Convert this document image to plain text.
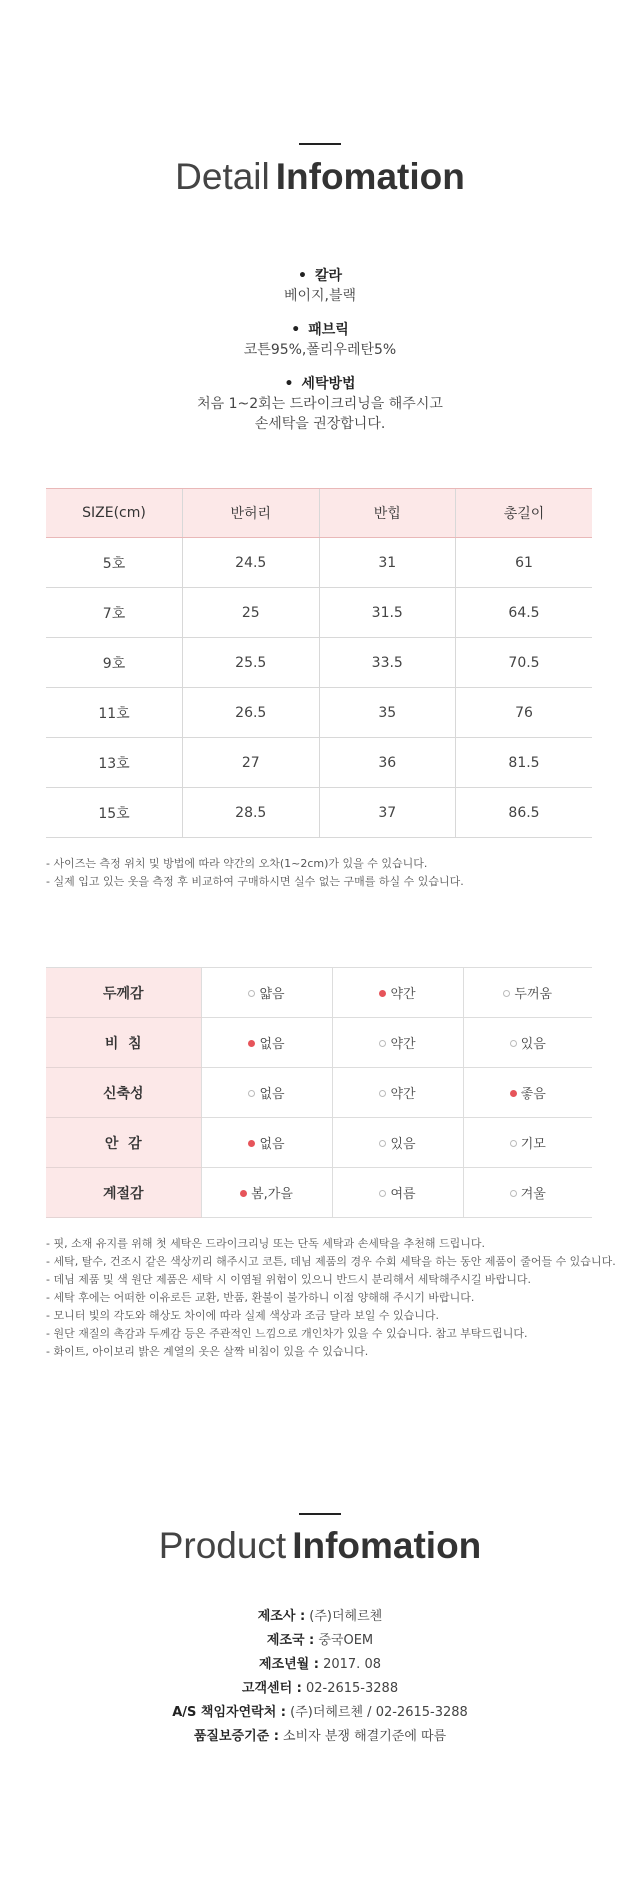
Detail Infomation
• 칼라
베이지,블랙
• 패브릭
코튼95%,폴리우레탄5%
• 세탁방법
처음 1~2회는 드라이크리닝을 해주시고
손세탁을 권장합니다.
SIZE(cm)	반허리	반힙	총길이
5호	24.5	31	61
7호	25	31.5	64.5
9호	25.5	33.5	70.5
11호	26.5	35	76
13호	27	36	81.5
15호	28.5	37	86.5
- 사이즈는 측정 위치 및 방법에 따라 약간의 오차(1~2cm)가 있을 수 있습니다.
- 실제 입고 있는 옷을 측정 후 비교하여 구매하시면 실수 없는 구매를 하실 수 있습니다.
두께감	얇음	약간	두꺼움
비  침	없음	약간	있음
신축성	없음	약간	좋음
안  감	없음	있음	기모
계절감	봄,가을	여름	겨울
- 핏, 소재 유지를 위해 첫 세탁은 드라이크리닝 또는 단독 세탁과 손세탁을 추천해 드립니다.
- 세탁, 탈수, 건조시 같은 색상끼리 해주시고 코튼, 데님 제품의 경우 수회 세탁을 하는 동안 제품이 줄어들 수 있습니다.
- 데님 제품 및 색 원단 제품은 세탁 시 이염될 위험이 있으니 반드시 분리해서 세탁해주시길 바랍니다.
- 세탁 후에는 어떠한 이유로든 교환, 반품, 환불이 불가하니 이점 양해해 주시기 바랍니다.
- 모니터 빛의 각도와 해상도 차이에 따라 실제 색상과 조금 달라 보일 수 있습니다.
- 원단 재질의 촉감과 두께감 등은 주관적인 느낌으로 개인차가 있을 수 있습니다. 참고 부탁드립니다.
- 화이트, 아이보리 밝은 계열의 옷은 살짝 비침이 있을 수 있습니다.
Product Infomation
제조사 : (주)더헤르첸
제조국 : 중국OEM
제조년월 : 2017. 08
고객센터 : 02-2615-3288
A/S 책임자연락처 : (주)더헤르첸 / 02-2615-3288
품질보증기준 : 소비자 분쟁 해결기준에 따름
